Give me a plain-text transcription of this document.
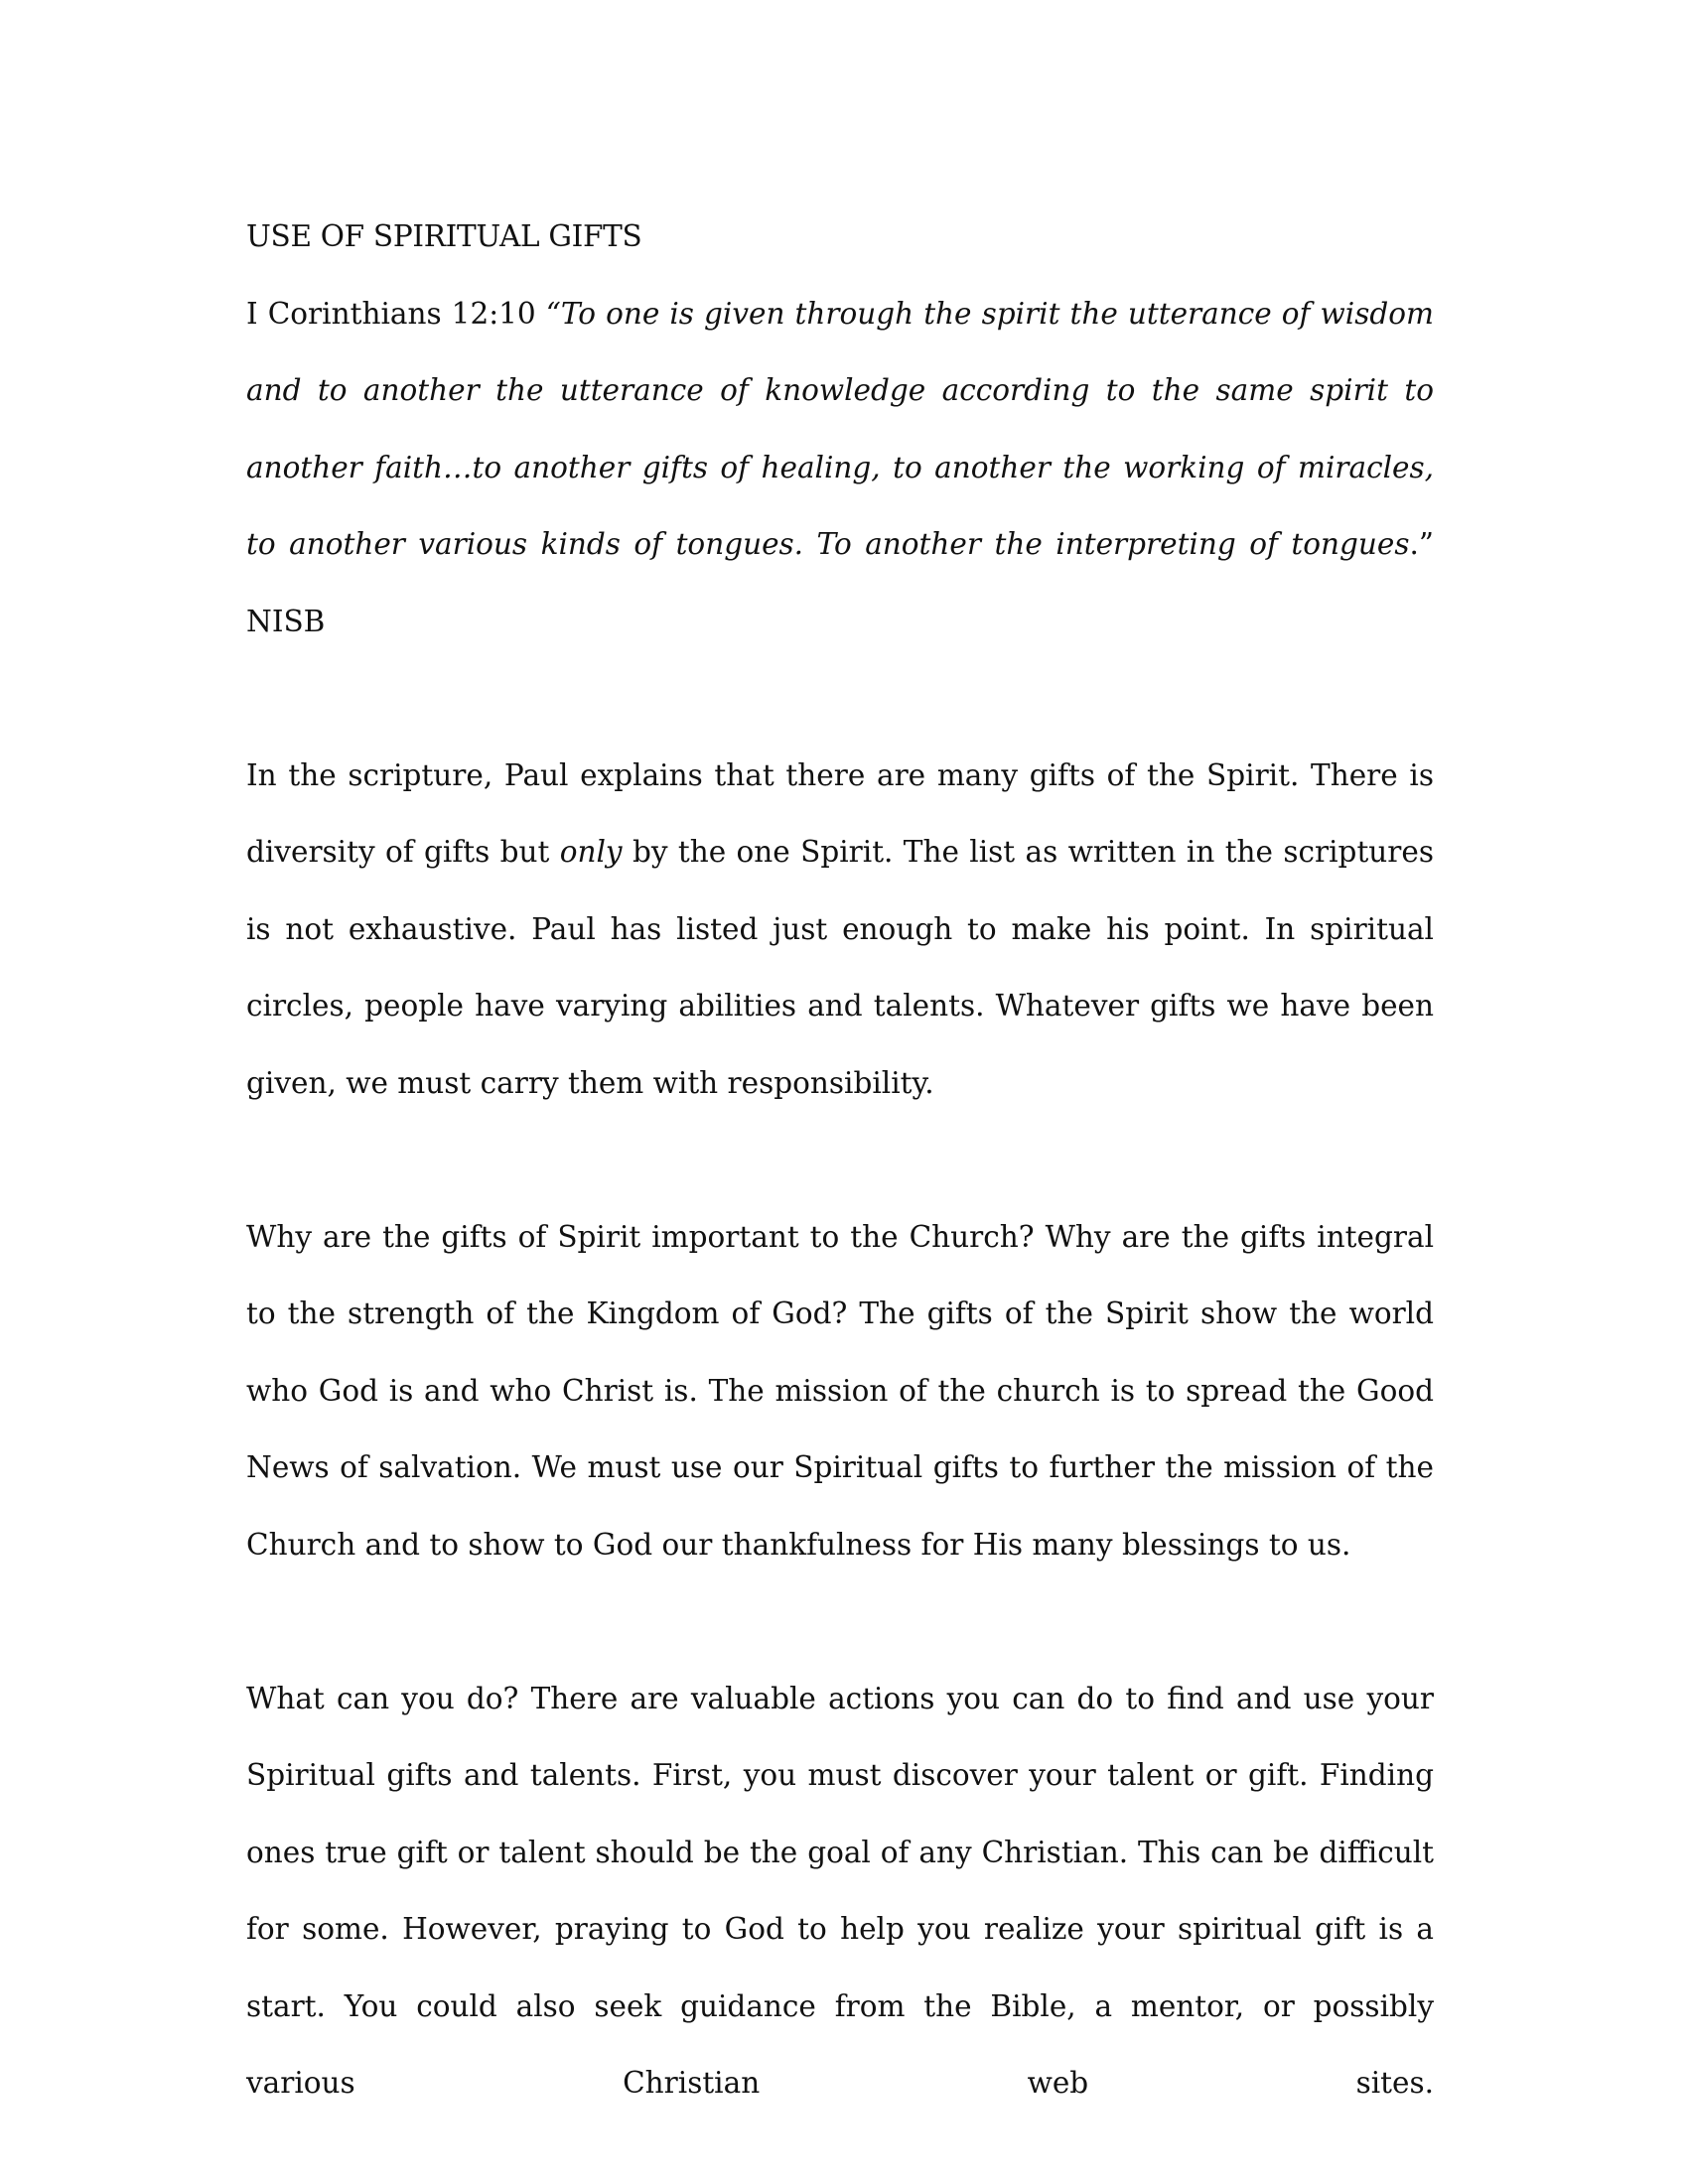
USE OF SPIRITUAL GIFTS

I Corinthians 12:10 “To one is given through the spirit the utterance of wisdom and to another the utterance of knowledge according to the same spirit to another faith…to another gifts of healing, to another the working of miracles, to another various kinds of tongues. To another the interpreting of tongues.” NISB

In the scripture, Paul explains that there are many gifts of the Spirit. There is diversity of gifts but only by the one Spirit. The list as written in the scriptures is not exhaustive. Paul has listed just enough to make his point. In spiritual circles, people have varying abilities and talents. Whatever gifts we have been given, we must carry them with responsibility.

Why are the gifts of Spirit important to the Church? Why are the gifts integral to the strength of the Kingdom of God? The gifts of the Spirit show the world who God is and who Christ is. The mission of the church is to spread the Good News of salvation. We must use our Spiritual gifts to further the mission of the Church and to show to God our thankfulness for His many blessings to us.

What can you do? There are valuable actions you can do to find and use your Spiritual gifts and talents. First, you must discover your talent or gift. Finding ones true gift or talent should be the goal of any Christian. This can be difficult for some. However, praying to God to help you realize your spiritual gift is a start. You could also seek guidance from the Bible, a mentor, or possibly various Christian web sites.
